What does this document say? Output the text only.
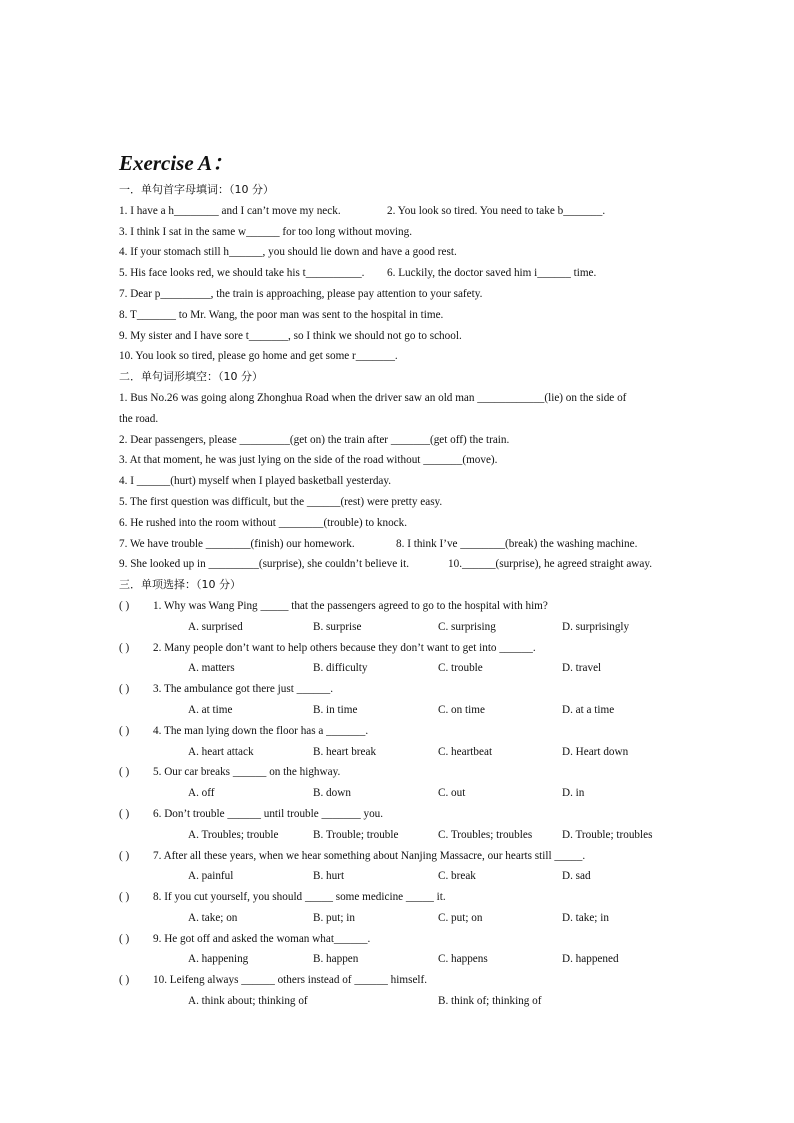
Exercise A：
一．单句首字母填词：（10 分）
1. I have a h________ and I can’t move my neck.	2. You look so tired. You need to take b_______.
3. I think I sat in the same w______ for too long without moving.
4. If your stomach still h______, you should lie down and have a good rest.
5. His face looks red, we should take his t__________. 6. Luckily, the doctor saved him i______ time.
7. Dear p_________, the train is approaching, please pay attention to your safety.
8. T_______ to Mr. Wang, the poor man was sent to the hospital in time.
9. My sister and I have sore t_______, so I think we should not go to school.
10. You look so tired, please go home and get some r_______.
二．单句词形填空：（10 分）
1. Bus No.26 was going along Zhonghua Road when the driver saw an old man ____________(lie) on the side of
the road.
2. Dear passengers, please _________(get on) the train after _______(get off) the train.
3. At that moment, he was just lying on the side of the road without _______(move).
4. I ______(hurt) myself when I played basketball yesterday.
5. The first question was difficult, but the ______(rest) were pretty easy.
6. He rushed into the room without ________(trouble) to knock.
7. We have trouble ________(finish) our homework.	8. I think I’ve ________(break) the washing machine.
9. She looked up in _________(surprise), she couldn’t believe it.	10.______(surprise), he agreed straight away.
三．单项选择：（10 分）
( )	1. Why was Wang Ping _____ that the passengers agreed to go to the hospital with him?
A. surprised	B. surprise	C. surprising	D. surprisingly
( )	2. Many people don’t want to help others because they don’t want to get into ______.
A. matters	B. difficulty	C. trouble	D. travel
( )	3. The ambulance got there just ______.
A. at time	B. in time	C. on time	D. at a time
( )	4. The man lying down the floor has a _______.
A. heart attack	B. heart break	C. heartbeat	D. Heart down
( )	5. Our car breaks ______ on the highway.
A. off	B. down	C. out	D. in
( )	6. Don’t trouble ______ until trouble _______ you.
A. Troubles; trouble	B. Trouble; trouble	C. Troubles; troubles	D. Trouble; troubles
( )	7. After all these years, when we hear something about Nanjing Massacre, our hearts still _____.
A. painful	B. hurt	C. break	D. sad
( )	8. If you cut yourself, you should _____ some medicine _____ it.
A. take; on	B. put; in	C. put; on	D. take; in
( )	9. He got off and asked the woman what______.
A. happening	B. happen	C. happens	D. happened
( )	10. Leifeng always ______ others instead of ______ himself.
A. think about; thinking of	B. think of; thinking of
